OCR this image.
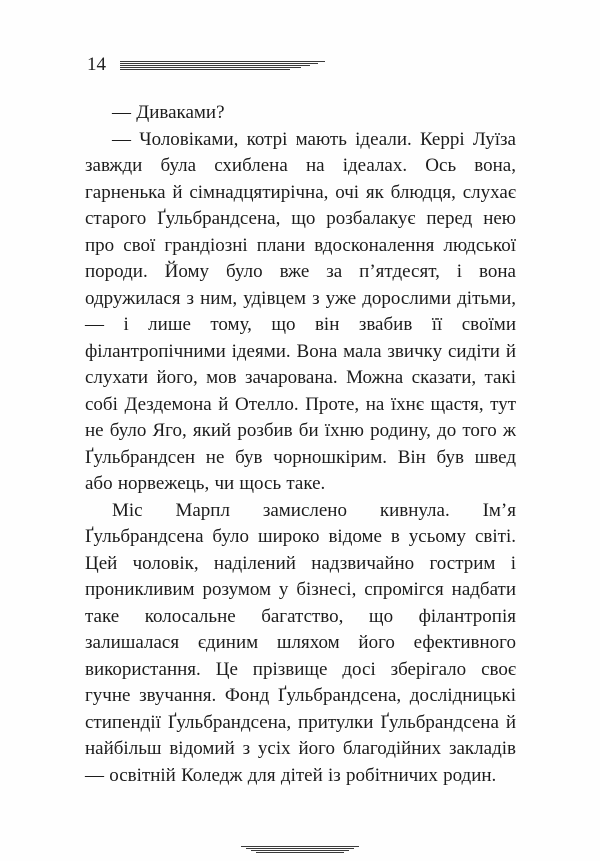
14

— Диваками?

— Чоловіками, котрі мають ідеали. Керрі Луїза завжди була схиблена на ідеалах. Ось вона, гарненька й сімнадцятирічна, очі як блюдця, слухає старого Ґульбрандсена, що розбалакує перед нею про свої грандіозні плани вдосконалення людської породи. Йому було вже за п’ятдесят, і вона одружилася з ним, удівцем з уже дорослими дітьми, — і лише тому, що він звабив її своїми філантропічними ідеями. Вона мала звичку сидіти й слухати його, мов зачарована. Можна сказати, такі собі Дездемона й Отелло. Проте, на їхнє щастя, тут не було Яго, який розбив би їхню родину, до того ж Ґульбрандсен не був чорношкірим. Він був швед або норвежець, чи щось таке.

Міс Марпл замислено кивнула. Ім’я Ґульбрандсена було широко відоме в усьому світі. Цей чоловік, наділений надзвичайно гострим і проникливим розумом у бізнесі, спромігся надбати таке колосальне багатство, що філантропія залишалася єдиним шляхом його ефективного використання. Це прізвище досі зберігало своє гучне звучання. Фонд Ґульбрандсена, дослідницькі стипендії Ґульбрандсена, притулки Ґульбрандсена й найбільш відомий з усіх його благодійних закладів — освітній Коледж для дітей із робітничих родин.
